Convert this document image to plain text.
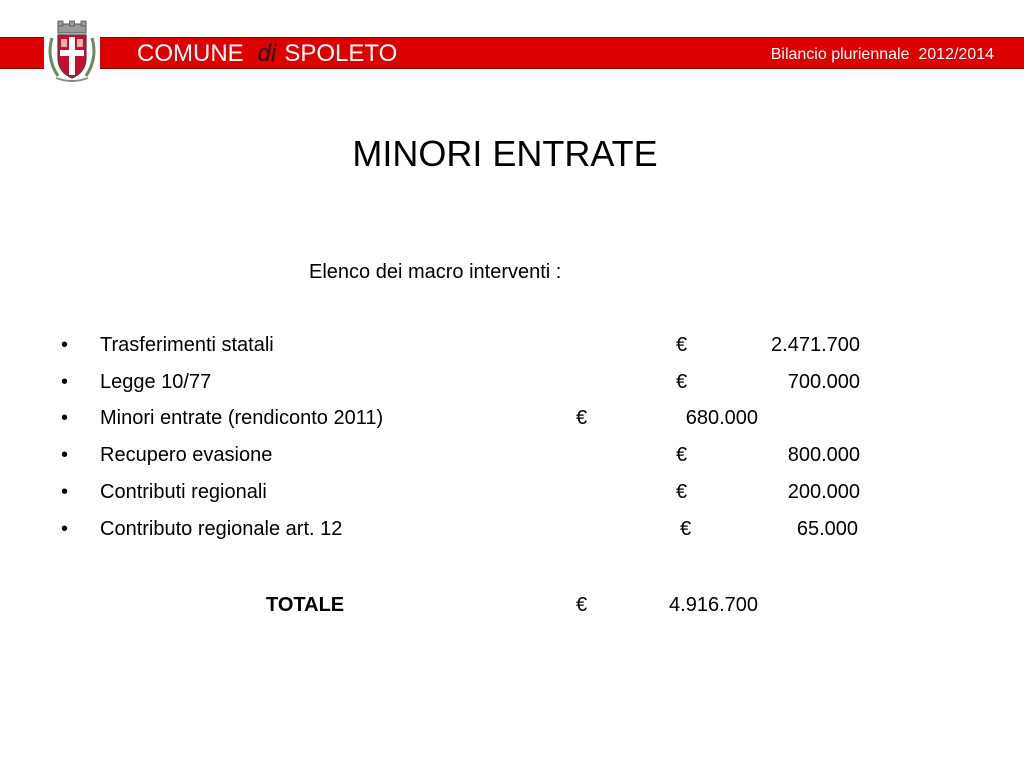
COMUNE di SPOLETO	Bilancio pluriennale  2012/2014
MINORI ENTRATE
Elenco dei macro interventi :
• Trasferimenti statali	€	2.471.700
• Legge 10/77	€	700.000
• Minori entrate (rendiconto 2011)	€	680.000
• Recupero evasione	€	800.000
• Contributi regionali	€	200.000
• Contributo regionale art. 12	€	65.000
TOTALE	€	4.916.700
